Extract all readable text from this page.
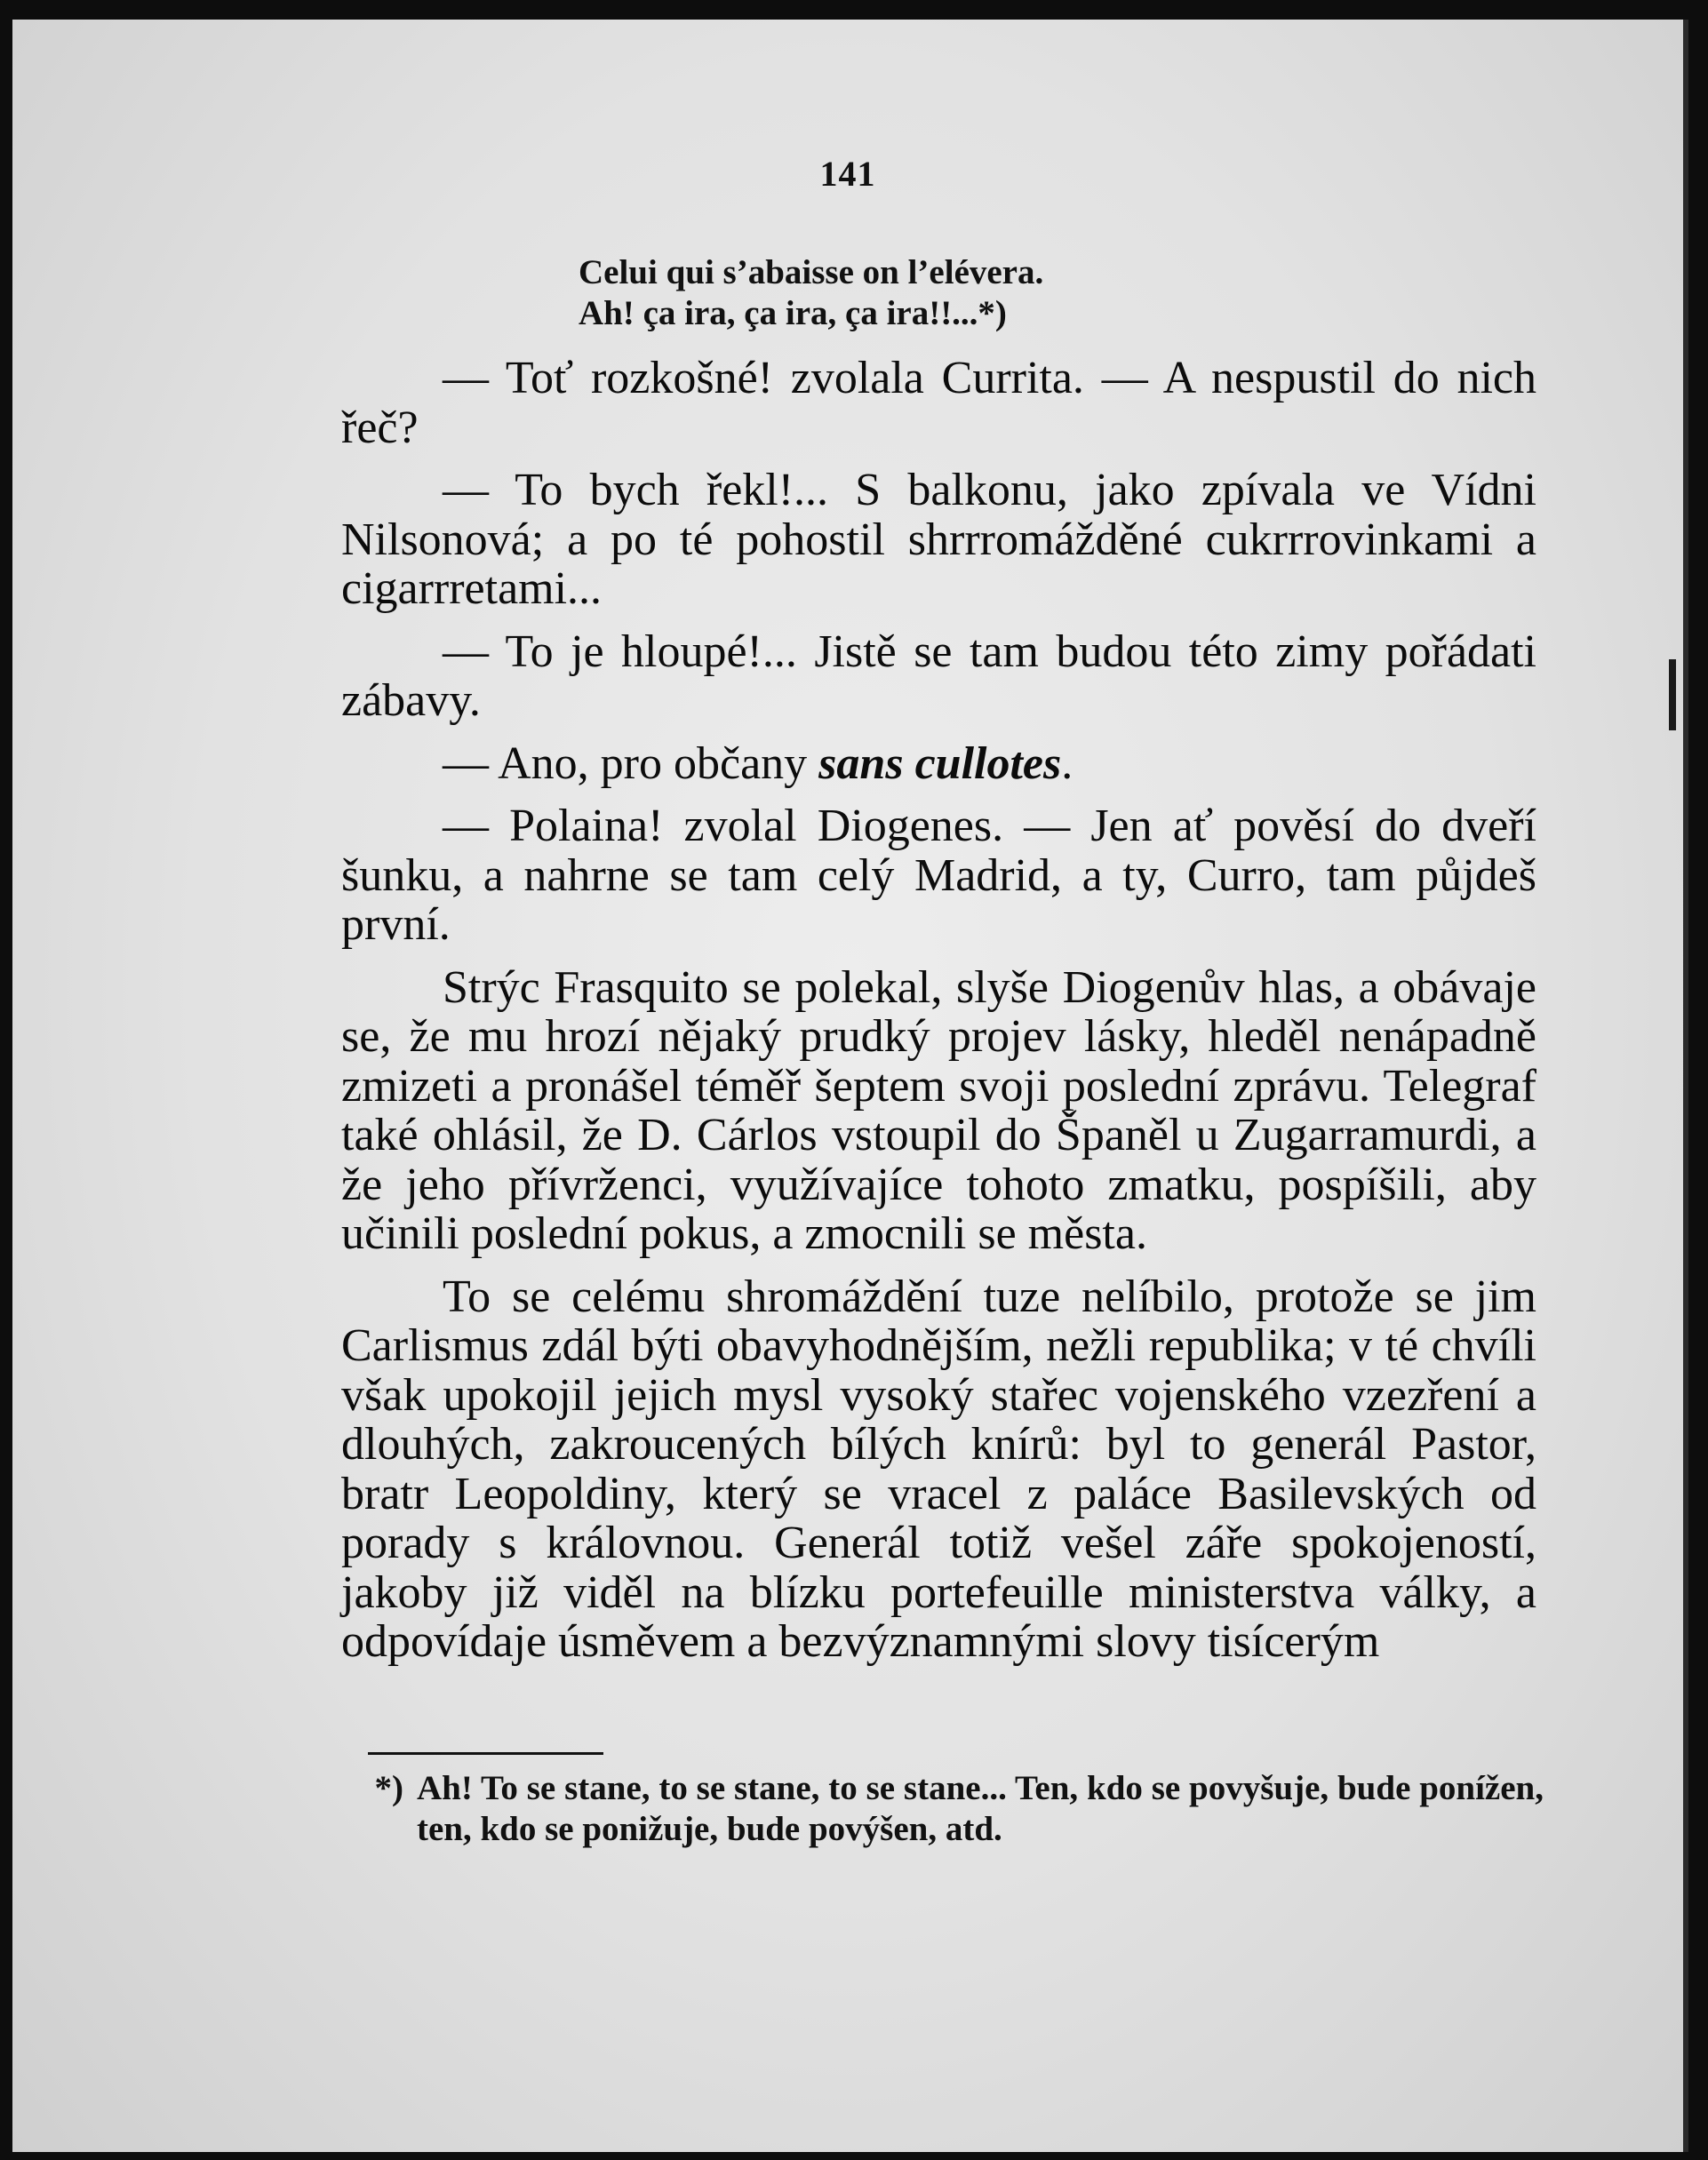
141
Celui qui s’abaisse on l’elévera.
Ah! ça ira, ça ira, ça ira!!...*)

— Toť rozkošné! zvolala Currita. — A nespustil do nich řeč?

— To bych řekl!... S balkonu, jako zpívala ve Vídni Nilsonová; a po té pohostil shrrromážděné cukrrrovinkami a cigarrretami...

— To je hloupé!... Jistě se tam budou této zimy pořádati zábavy.

— Ano, pro občany sans cullotes.

— Polaina! zvolal Diogenes. — Jen ať pověsí do dveří šunku, a nahrne se tam celý Madrid, a ty, Curro, tam půjdeš první.

Strýc Frasquito se polekal, slyše Diogenův hlas, a obávaje se, že mu hrozí nějaký prudký projev lásky, hleděl nenápadně zmizeti a pronášel téměř šeptem svoji poslední zprávu. Telegraf také ohlásil, že D. Cárlos vstoupil do Španěl u Zugarramurdi, a že jeho přívrženci, využívajíce tohoto zmatku, pospíšili, aby učinili poslední pokus, a zmocnili se města.

To se celému shromáždění tuze nelíbilo, protože se jim Carlismus zdál býti obavyhodnějším, nežli republika; v té chvíli však upokojil jejich mysl vysoký stařec vojenského vzezření a dlouhých, zakroucených bílých knírů: byl to generál Pastor, bratr Leopoldiny, který se vracel z paláce Basilevských od porady s královnou. Generál totiž vešel záře spokojeností, jakoby již viděl na blízku portefeuille ministerstva války, a odpovídaje úsměvem a bezvýznamnými slovy tisícerým

*) Ah! To se stane, to se stane, to se stane... Ten, kdo se povyšuje, bude ponížen, ten, kdo se ponižuje, bude povýšen, atd.
